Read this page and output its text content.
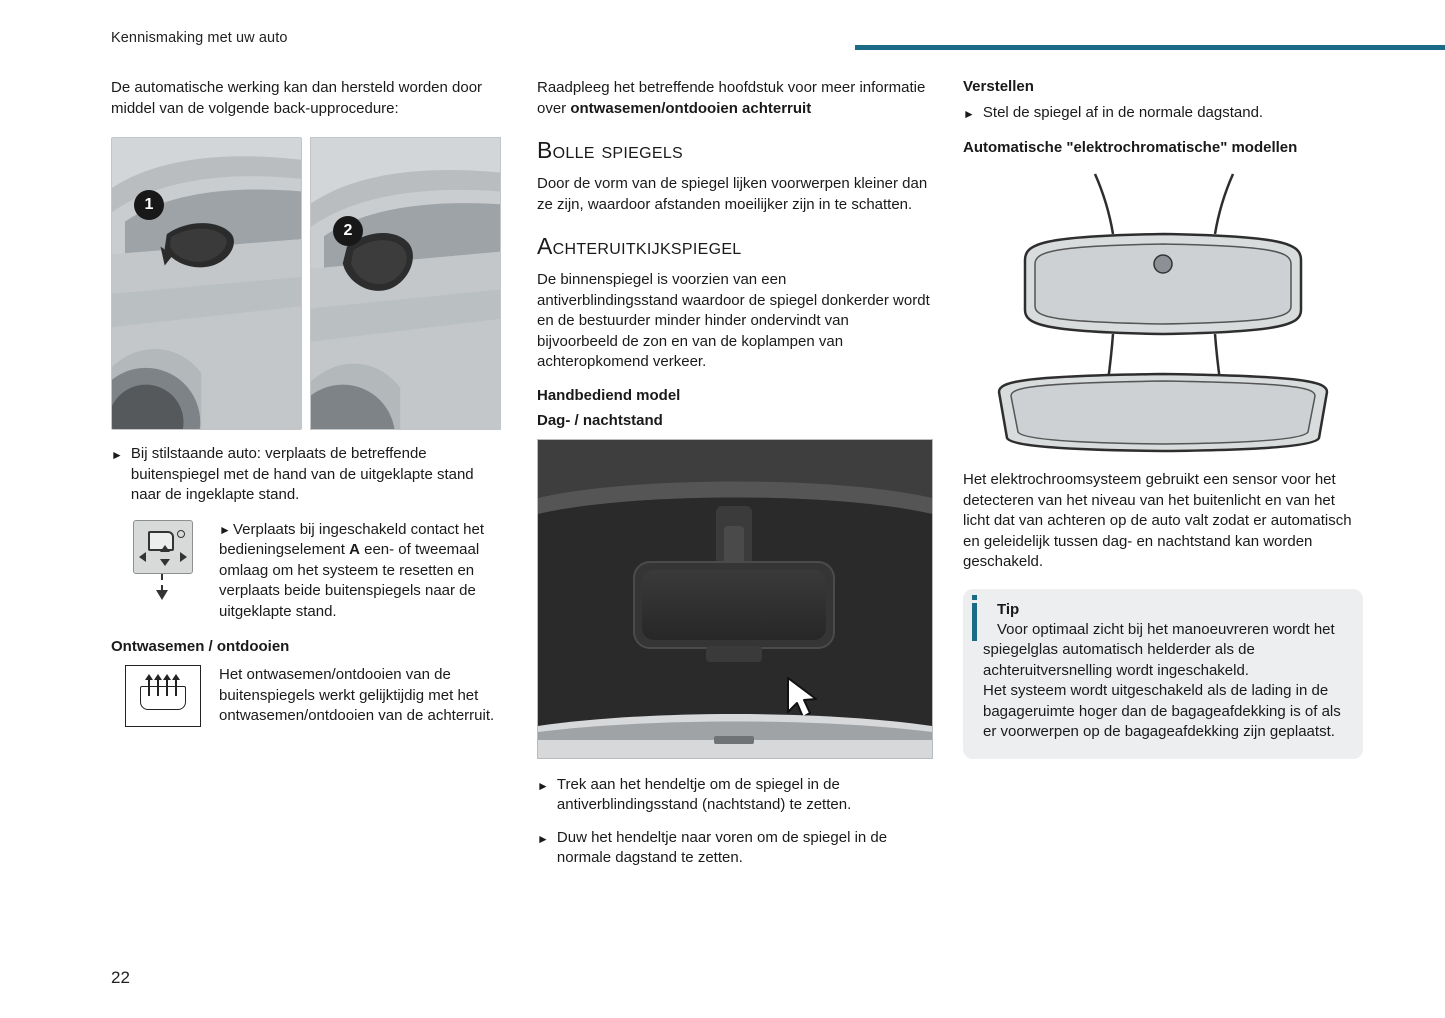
Kennismaking met uw auto

De automatische werking kan dan hersteld worden door middel van de volgende back-upprocedure:

1
2
► Bij stilstaande auto: verplaats de betreffende buitenspiegel met de hand van de uitgeklapte stand naar de ingeklapte stand.
► Verplaats bij ingeschakeld contact het bedieningselement A een- of tweemaal omlaag om het systeem te resetten en verplaats beide buitenspiegels naar de uitgeklapte stand.
Ontwasemen / ontdooien
Het ontwasemen/ontdooien van de buitenspiegels werkt gelijktijdig met het ontwasemen/ontdooien van de achterruit.

Raadpleeg het betreffende hoofdstuk voor meer informatie over ontwasemen/ontdooien achterruit

Bolle spiegels

Door de vorm van de spiegel lijken voorwerpen kleiner dan ze zijn, waardoor afstanden moeilijker zijn in te schatten.

Achteruitkijkspiegel

De binnenspiegel is voorzien van een antiverblindingsstand waardoor de spiegel donkerder wordt en de bestuurder minder hinder ondervindt van bijvoorbeeld de zon en van de koplampen van achteropkomend verkeer.

Handbediend model
Dag- / nachtstand
► Trek aan het hendeltje om de spiegel in de antiverblindingsstand (nachtstand) te zetten.
► Duw het hendeltje naar voren om de spiegel in de normale dagstand te zetten.
Verstellen
► Stel de spiegel af in de normale dagstand.
Automatische "elektrochromatische" modellen

Het elektrochroomsysteem gebruikt een sensor voor het detecteren van het niveau van het buitenlicht en van het licht dat van achteren op de auto valt zodat er automatisch en geleidelijk tussen dag- en nachtstand kan worden geschakeld.

Tip

Voor optimaal zicht bij het manoeuvreren wordt het spiegelglas automatisch helderder als de achteruitversnelling wordt ingeschakeld.

Het systeem wordt uitgeschakeld als de lading in de bagageruimte hoger dan de bagageafdekking is of als er voorwerpen op de bagageafdekking zijn geplaatst.

22
